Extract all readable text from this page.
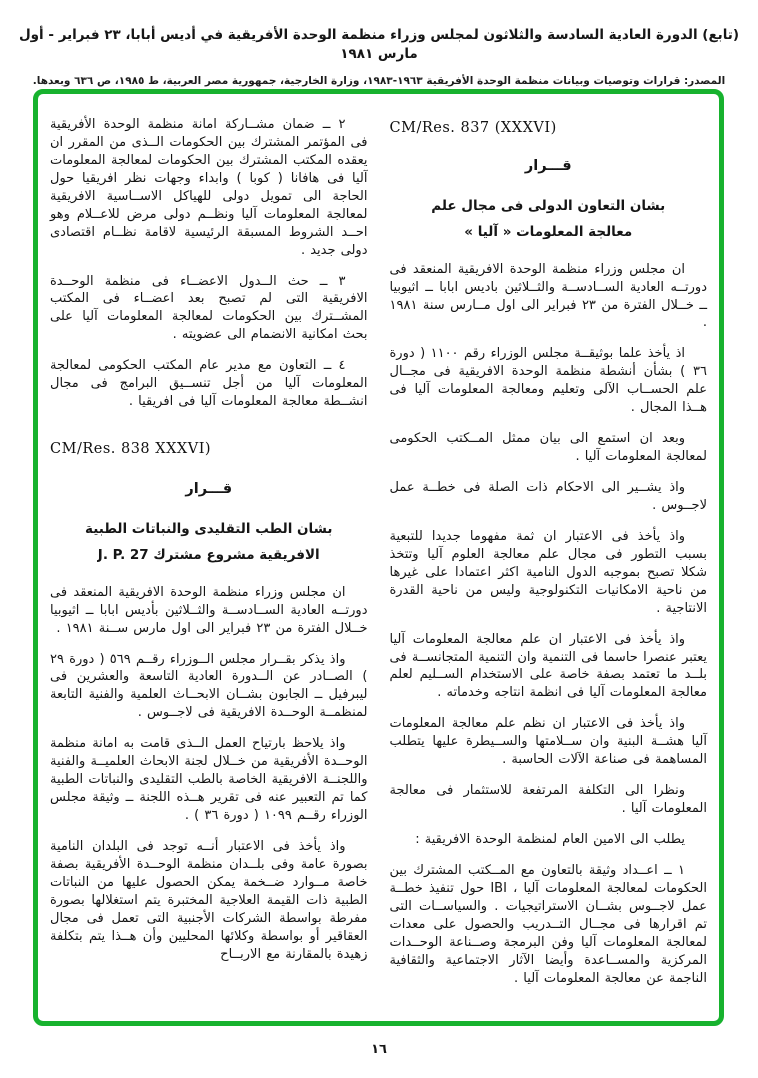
(تابع) الدورة العادية السادسة والثلاثون لمجلس وزراء منظمة الوحدة الأفريقية في أديس أبابا، ٢٣ فبراير - أول مارس ١٩٨١
المصدر: قرارات وتوصيات وبيانات منظمة الوحدة الأفريقية ١٩٦٣-١٩٨٣، وزارة الخارجية، جمهورية مصر العربية، ط ١٩٨٥، ص ٦٣٦ وبعدها.
CM/Res. 837 (XXXVI)
قـــرار
بشان التعاون الدولى فى مجال علم
معالجة المعلومات « آليا »

ان مجلس وزراء منظمة الوحدة الافريقية المنعقد فى دورتــه العادية الســادســة والثــلاثين باديس ابابا ــ اثيوبيا ــ خــلال الفترة من ٢٣ فبراير الى اول مــارس سنة ١٩٨١ .

اذ يأخذ علما بوثيقــة مجلس الوزراء رقم ١١٠٠ ( دورة ٣٦ ) بشأن أنشطة منظمة الوحدة الافريقية فى مجــال علم الحســاب الآلى وتعليم ومعالجة المعلومات آليا فى هــذا المجال .

وبعد ان استمع الى بيان ممثل المــكتب الحكومى لمعالجة المعلومات آليا .

واذ يشــير الى الاحكام ذات الصلة فى خطــة عمل لاجــوس .

واذ يأخذ فى الاعتبار ان ثمة مفهوما جديدا للتبعية بسبب التطور فى مجال علم معالجة العلوم آليا وتتخذ شكلا تصبح بموجبه الدول النامية اكثر اعتمادا على غيرها من ناحية الامكانيات التكنولوجية وليس من ناحية القدرة الانتاجية .

واذ يأخذ فى الاعتبار ان علم معالجة المعلومات آليا يعتبر عنصرا حاسما فى التنمية وان التنمية المتجانســة فى بلــد ما تعتمد بصفة خاصة على الاستخدام الســليم لعلم معالجة المعلومات آليا فى انظمة انتاجه وخدماته .

واذ يأخذ فى الاعتبار ان نظم علم معالجة المعلومات آليا هشــة البنية وان ســلامتها والســيطرة عليها يتطلب المساهمة فى صناعة الآلات الحاسبة .

ونظرا الى التكلفة المرتفعة للاستثمار فى معالجة المعلومات آليا .

يطلب الى الامين العام لمنظمة الوحدة الافريقية :

١ ــ اعــداد وثيقة بالتعاون مع المــكتب المشترك بين الحكومات لمعالجة المعلومات آليا ، IBI حول تنفيذ خطــة عمل لاجــوس بشــان الاستراتيجيات . والسياســات التى تم اقرارها فى مجــال التــدريب والحصول على معدات لمعالجة المعلومات آليا وفن البرمجة وصــناعة الوحــدات المركزية والمســاعدة وأيضا الآثار الاجتماعية والثقافية الناجمة عن معالجة المعلومات آليا .

٢ ــ ضمان مشــاركة امانة منظمة الوحدة الأفريقية فى المؤتمر المشترك بين الحكومات الــذى من المقرر ان يعقده المكتب المشترك بين الحكومات لمعالجة المعلومات آليا فى هافانا ( كوبا ) وابداء وجهات نظر افريقيا حول الحاجة الى تمويل دولى للهياكل الاســاسية الافريقية لمعالجة المعلومات آليا ونظــم دولى مرض للاعــلام وهو احــد الشروط المسبقة الرئيسية لاقامة نظــام اقتصادى دولى جديد .

٣ ــ حث الــدول الاعضــاء فى منظمة الوحــدة الافريقية التى لم تصبح بعد اعضــاء فى المكتب المشــترك بين الحكومات لمعالجة المعلومات آليا على بحث امكانية الانضمام الى عضويته .

٤ ــ التعاون مع مدير عام المكتب الحكومى لمعالجة المعلومات آليا من أجل تنســيق البرامج فى مجال انشــطة معالجة المعلومات آليا فى افريقيا .

CM/Res. 838 XXXVI)
قـــرار
بشان الطب التقليدى والنباتات الطبية
الافريقية مشروع مشترك J. P. 27

ان مجلس وزراء منظمة الوحدة الافريقية المنعقد فى دورتــه العادية الســادســة والثــلاثين بأديس ابابا ــ اثيوبيا خــلال الفترة من ٢٣ فبراير الى اول مارس ســنة ١٩٨١ .

واذ يذكر بقــرار مجلس الــوزراء رقــم ٥٦٩ ( دورة ٢٩ ) الصــادر عن الــدورة العادية التاسعة والعشرين فى ليبرفيل ــ الجابون بشــان الابحــاث العلمية والفنية التابعة لمنظمــة الوحــدة الافريقية فى لاجــوس .

واذ يلاحظ بارتياح العمل الــذى قامت به امانة منظمة الوحــدة الأفريقية من خــلال لجنة الابحاث العلميــة والفنية واللجنــة الافريقية الخاصة بالطب التقليدى والنباتات الطبية كما تم التعبير عنه فى تقرير هــذه اللجنة ــ وثيقة مجلس الوزراء رقــم ١٠٩٩ ( دورة ٣٦ ) .

واذ يأخذ فى الاعتبار أنــه توجد فى البلدان النامية بصورة عامة وفى بلــدان منظمة الوحــدة الأفريقية بصفة خاصة مــوارد ضــخمة يمكن الحصول عليها من النباتات الطبية ذات القيمة العلاجية المختبرة يتم استغلالها بصورة مفرطة بواسطة الشركات الأجنبية التى تعمل فى مجال العقاقير أو بواسطة وكلائها المحليين وأن هــذا يتم بتكلفة زهيدة بالمقارنة مع الاربــاح

١٦
